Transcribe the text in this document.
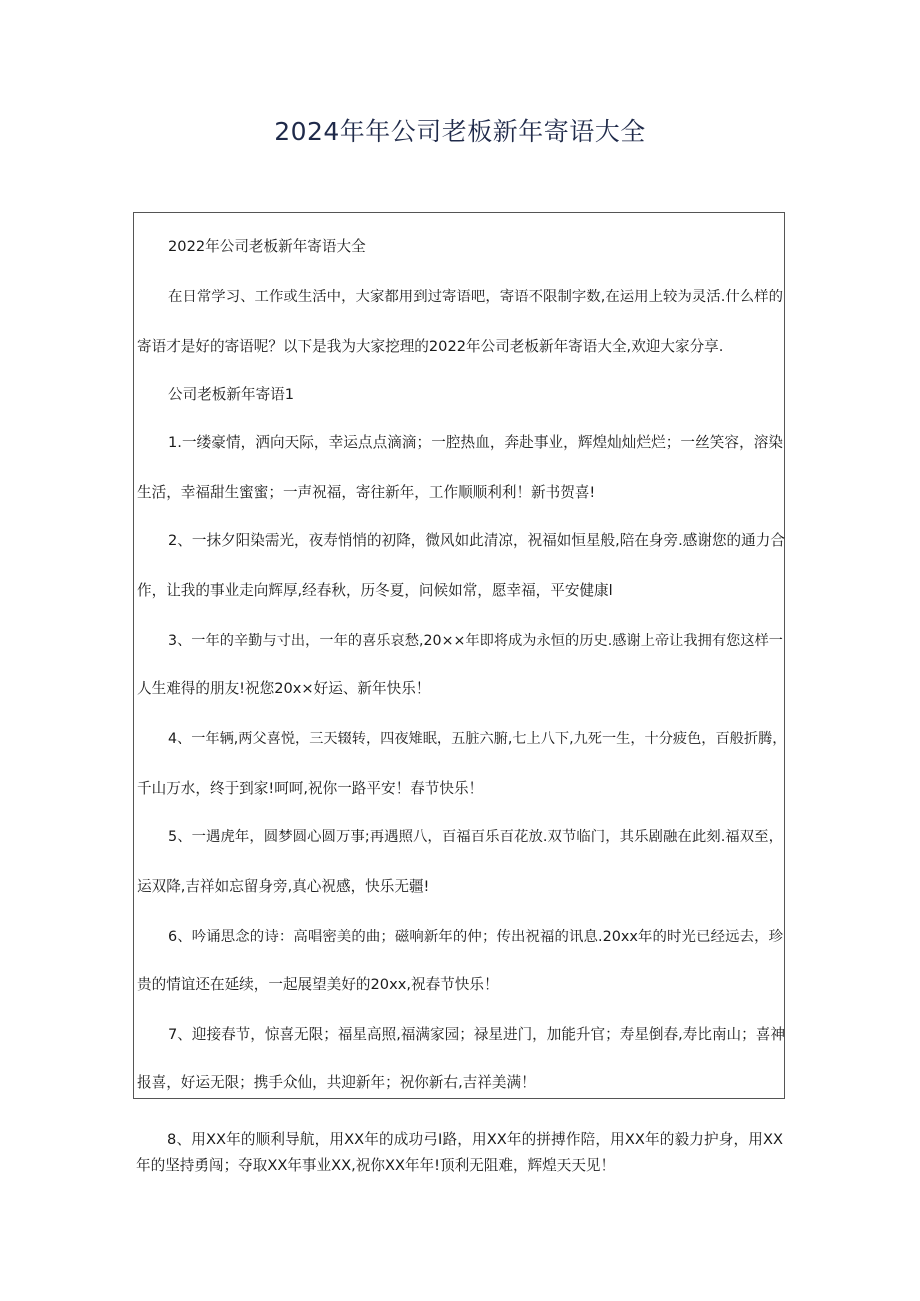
2024年年公司老板新年寄语大全
2022年公司老板新年寄语大全
在日常学习、工作或生活中，大家都用到过寄语吧，寄语不限制字数,在运用上较为灵活.什么样的
寄语才是好的寄语呢？以下是我为大家挖理的2022年公司老板新年寄语大全,欢迎大家分享.
公司老板新年寄语1
1.一缕豪情，洒向天际，幸运点点滴滴；一腔热血，奔赴事业，辉煌灿灿烂烂；一丝笑容，溶染
生活，幸福甜生蜜蜜；一声祝福，寄往新年，工作顺顺利利！新书贺喜!
2、一抹夕阳染需光，夜寿悄悄的初降，微风如此清凉，祝福如恒星般,陪在身旁.感谢您的通力合
作，让我的事业走向辉厚,经春秋，历冬夏，问候如常，愿幸福，平安健康l
3、一年的辛勤与寸出，一年的喜乐哀愁,20××年即将成为永恒的历史.感谢上帝让我拥有您这样一
人生难得的朋友!祝您20x×好运、新年快乐！
4、一年辆,两父喜悦，三天辍转，四夜雉眠，五脏六腑,七上八下,九死一生，十分疲色，百般折腾，
千山万水，终于到家!呵呵,祝你一路平安！春节快乐！
5、一遇虎年，圆梦圆心圆万事;再遇照八，百福百乐百花放.双节临门，其乐剧融在此刻.福双至，
运双降,吉祥如忘留身旁,真心祝感，快乐无疆!
6、吟诵思念的诗：高唱密美的曲；磁响新年的仲；传出祝福的讯息.20xx年的时光已经远去，珍
贵的情谊还在延续，一起展望美好的20xx,祝春节快乐！
7、迎接春节，惊喜无限；福星高照,福满家园；禄星进门，加能升官；寿星倒春,寿比南山；喜神
报喜，好运无限；携手众仙，共迎新年；祝你新右,吉祥美满！
8、用XX年的顺利导航，用XX年的成功弓I路，用XX年的拼搏作陪，用XX年的毅力护身，用XX
年的坚持勇闯；夺取XX年事业XX,祝你XX年年!顶利无阻难，辉煌天天见！
